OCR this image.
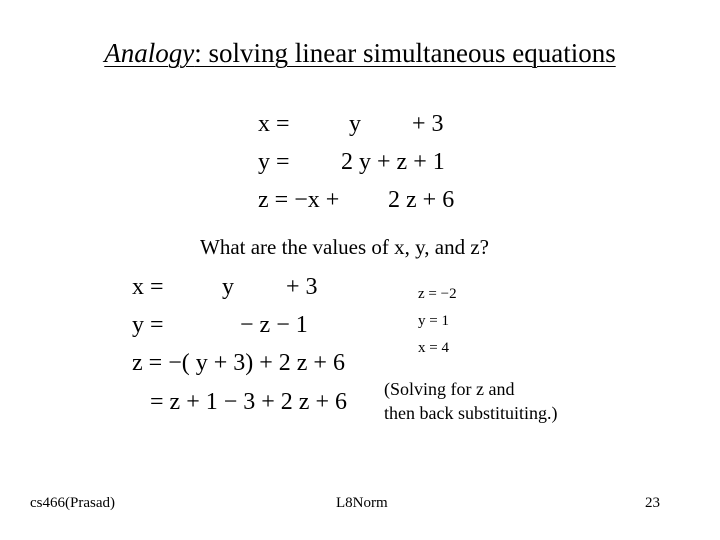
Analogy: solving linear simultaneous equations
x = y + 3
y = 2 y + z + 1
z = −x + 2 z + 6
What are the values of x, y, and z?
x = y + 3
y =	− z − 1
z = −( y + 3) + 2 z + 6
= z + 1 − 3 + 2 z + 6
z = −2
y = 1
x = 4
(Solving for z and
then back substituiting.)
cs466(Prasad)	L8Norm	23
